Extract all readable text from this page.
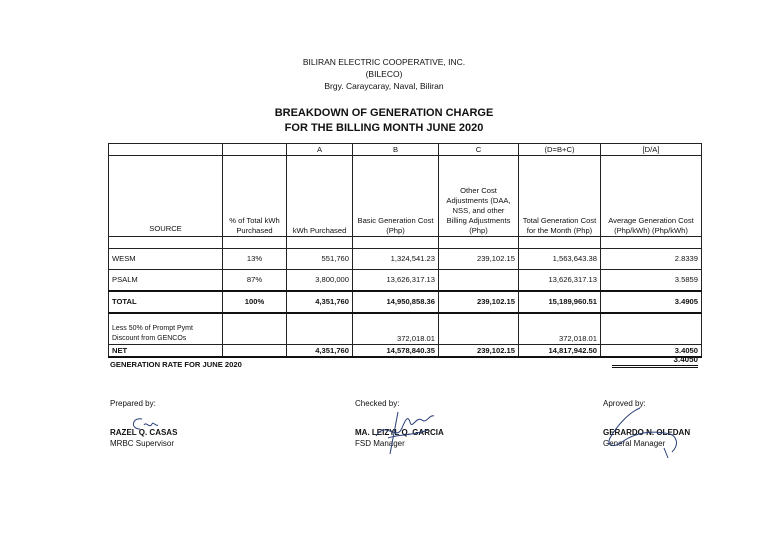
BILIRAN ELECTRIC COOPERATIVE, INC.
(BILECO)
Brgy. Caraycaray, Naval, Biliran
BREAKDOWN OF GENERATION CHARGE
FOR THE BILLING MONTH JUNE 2020
		A	B	C	(D=B+C)	[D/A]
SOURCE	% of Total kWh Purchased	kWh Purchased	Basic Generation Cost (Php)	Other Cost Adjustments (DAA, NSS, and other Billing Adjustments (Php)	Total Generation Cost for the Month (Php)	Average Generation Cost (Php/kWh) (Php/kWh)

WESM	13%	551,760	1,324,541.23	239,102.15	1,563,643.38	2.8339
PSALM	87%	3,800,000	13,626,317.13		13,626,317.13	3.5859
TOTAL	100%	4,351,760	14,950,858.36	239,102.15	15,189,960.51	3.4905
Less 50% of Prompt Pymt Discount from GENCOs			372,018.01		372,018.01	
NET		4,351,760	14,578,840.35	239,102.15	14,817,942.50	3.4050
GENERATION RATE FOR JUNE 2020
3.4050
Prepared by:
RAZEL Q. CASAS
MRBC Supervisor
Checked by:
MA. LEIZYL Q. GARCIA
FSD Manager
Aproved by:
GERARDO N. OLEDAN
General Manager
